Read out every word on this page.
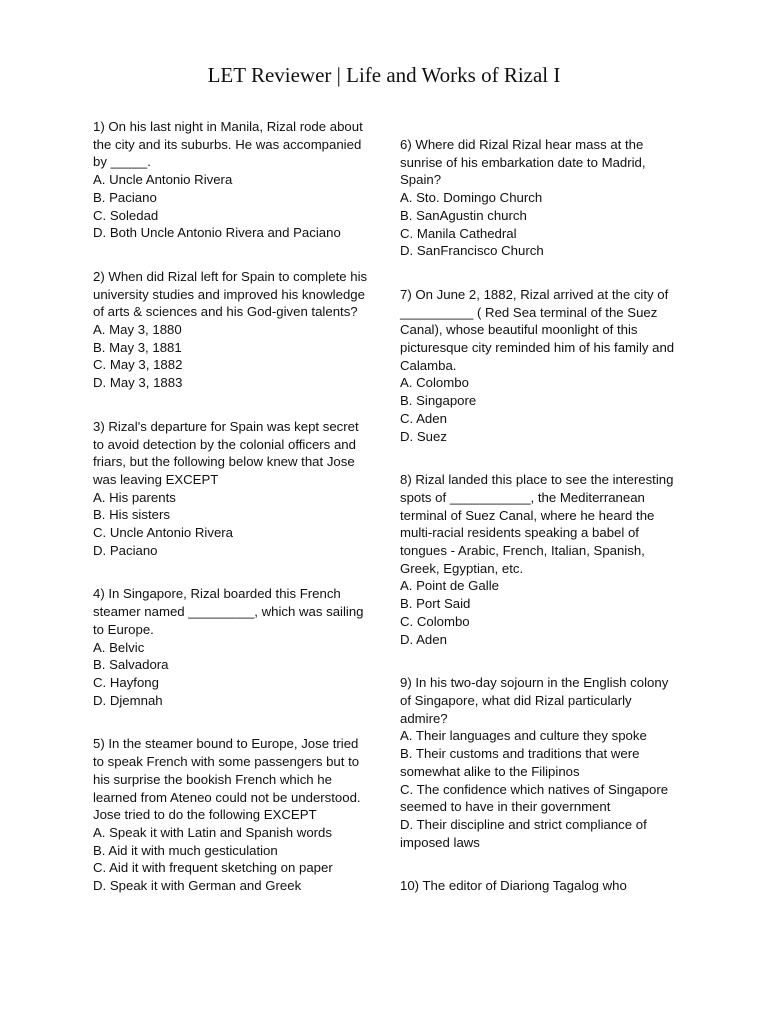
LET Reviewer | Life and Works of Rizal I
1) On his last night in Manila, Rizal rode about the city and its suburbs. He was accompanied by _____.
A. Uncle Antonio Rivera
B. Paciano
C. Soledad
D. Both Uncle Antonio Rivera and Paciano
2) When did Rizal left for Spain to complete his university studies and improved his knowledge of arts & sciences and his God-given talents?
A. May 3, 1880
B. May 3, 1881
C. May 3, 1882
D. May 3, 1883
3) Rizal's departure for Spain was kept secret to avoid detection by the colonial officers and friars, but the following below knew that Jose was leaving EXCEPT
A. His parents
B. His sisters
C. Uncle Antonio Rivera
D. Paciano
4) In Singapore, Rizal boarded this French steamer named _________, which was sailing to Europe.
A. Belvic
B. Salvadora
C. Hayfong
D. Djemnah
5) In the steamer bound to Europe, Jose tried to speak French with some passengers but to his surprise the bookish French which he learned from Ateneo could not be understood. Jose tried to do the following EXCEPT
A. Speak it with Latin and Spanish words
B. Aid it with much gesticulation
C. Aid it with frequent sketching on paper
D. Speak it with German and Greek
6) Where did Rizal Rizal hear mass at the sunrise of his embarkation date to Madrid, Spain?
A. Sto. Domingo Church
B. SanAgustin church
C. Manila Cathedral
D. SanFrancisco Church
7) On June 2, 1882, Rizal arrived at the city of __________ ( Red Sea terminal of the Suez Canal), whose beautiful moonlight of this picturesque city reminded him of his family and Calamba.
A. Colombo
B. Singapore
C. Aden
D. Suez
8) Rizal landed this place to see the interesting spots of ___________, the Mediterranean terminal of Suez Canal, where he heard the multi-racial residents speaking a babel of tongues - Arabic, French, Italian, Spanish, Greek, Egyptian, etc.
A. Point de Galle
B. Port Said
C. Colombo
D. Aden
9) In his two-day sojourn in the English colony of Singapore, what did Rizal particularly admire?
A. Their languages and culture they spoke
B. Their customs and traditions that were somewhat alike to the Filipinos
C. The confidence which natives of Singapore seemed to have in their government
D. Their discipline and strict compliance of imposed laws
10) The editor of Diariong Tagalog who
